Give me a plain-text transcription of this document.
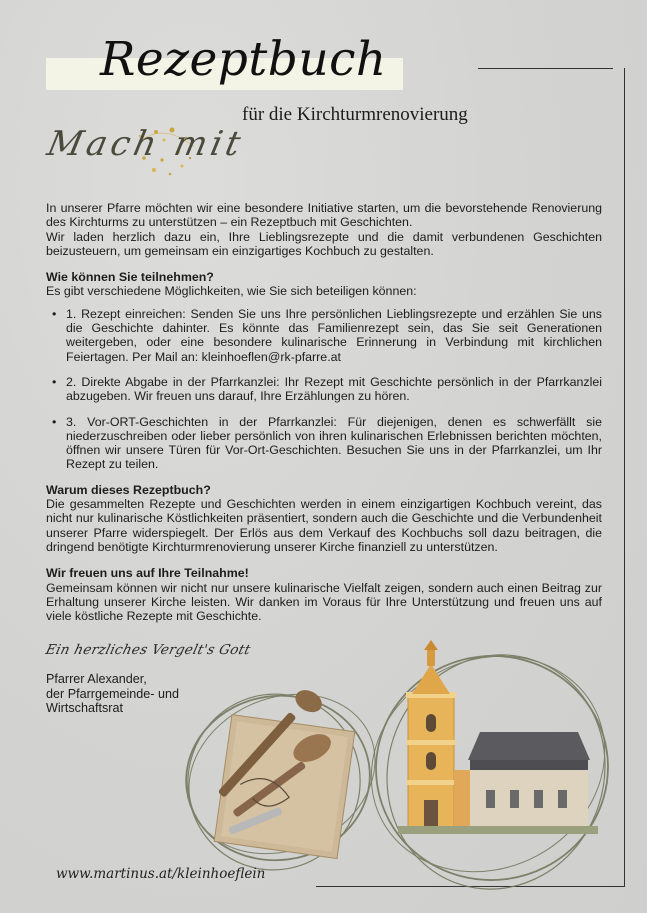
Rezeptbuch

für die Kirchturmrenovierung

Mach mit

In unserer Pfarre möchten wir eine besondere Initiative starten, um die bevorstehende Renovierung des Kirchturms zu unterstützen – ein Rezeptbuch mit Geschichten.

Wir laden herzlich dazu ein, Ihre Lieblingsrezepte und die damit verbundenen Geschichten beizusteuern, um gemeinsam ein einzigartiges Kochbuch zu gestalten.

Wie können Sie teilnehmen?

Es gibt verschiedene Möglichkeiten, wie Sie sich beteiligen können:

• 1. Rezept einreichen: Senden Sie uns Ihre persönlichen Lieblingsrezepte und erzählen Sie uns die Geschichte dahinter. Es könnte das Familienrezept sein, das Sie seit Generationen weitergeben, oder eine besondere kulinarische Erinnerung in Verbindung mit kirchlichen Feiertagen. Per Mail an: kleinhoeflen@rk-pfarre.at
• 2. Direkte Abgabe in der Pfarrkanzlei: Ihr Rezept mit Geschichte persönlich in der Pfarrkanzlei abzugeben. Wir freuen uns darauf, Ihre Erzählungen zu hören.
• 3. Vor-ORT-Geschichten in der Pfarrkanzlei: Für diejenigen, denen es schwerfällt sie niederzuschreiben oder lieber persönlich von ihren kulinarischen Erlebnissen berichten möchten, öffnen wir unsere Türen für Vor-Ort-Geschichten. Besuchen Sie uns in der Pfarrkanzlei, um Ihr Rezept zu teilen.
Warum dieses Rezeptbuch?

Die gesammelten Rezepte und Geschichten werden in einem einzigartigen Kochbuch vereint, das nicht nur kulinarische Köstlichkeiten präsentiert, sondern auch die Geschichte und die Verbundenheit unserer Pfarre widerspiegelt. Der Erlös aus dem Verkauf des Kochbuchs soll dazu beitragen, die dringend benötigte Kirchturmrenovierung unserer Kirche finanziell zu unterstützen.

Wir freuen uns auf Ihre Teilnahme!

Gemeinsam können wir nicht nur unsere kulinarische Vielfalt zeigen, sondern auch einen Beitrag zur Erhaltung unserer Kirche leisten. Wir danken im Voraus für Ihre Unterstützung und freuen uns auf viele köstliche Rezepte mit Geschichte.

Ein herzliches Vergelt's Gott

Pfarrer Alexander,
der Pfarrgemeinde- und
Wirtschaftsrat

www.martinus.at/kleinhoeflein
